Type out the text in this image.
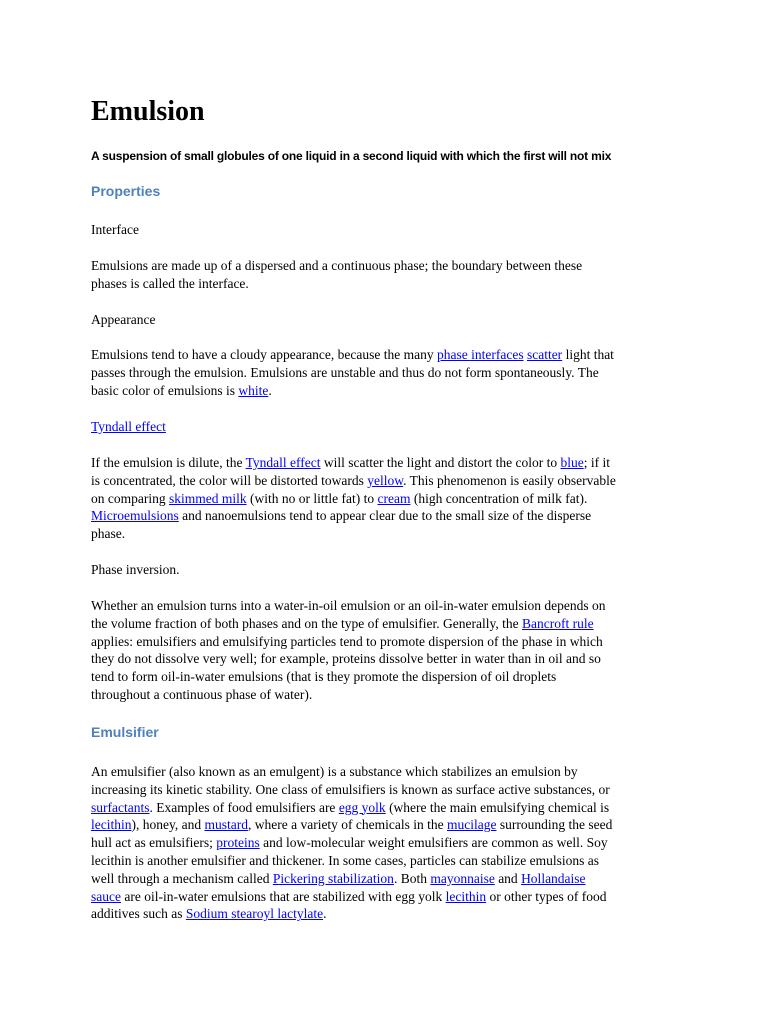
Emulsion

A suspension of small globules of one liquid in a second liquid with which the first will not mix

Properties

Interface

Emulsions are made up of a dispersed and a continuous phase; the boundary between these
phases is called the interface.

Appearance

Emulsions tend to have a cloudy appearance, because the many phase interfaces scatter light that
passes through the emulsion. Emulsions are unstable and thus do not form spontaneously. The
basic color of emulsions is white.

Tyndall effect

If the emulsion is dilute, the Tyndall effect will scatter the light and distort the color to blue; if it
is concentrated, the color will be distorted towards yellow. This phenomenon is easily observable
on comparing skimmed milk (with no or little fat) to cream (high concentration of milk fat).
Microemulsions and nanoemulsions tend to appear clear due to the small size of the disperse
phase.

Phase inversion.

Whether an emulsion turns into a water-in-oil emulsion or an oil-in-water emulsion depends on
the volume fraction of both phases and on the type of emulsifier. Generally, the Bancroft rule
applies: emulsifiers and emulsifying particles tend to promote dispersion of the phase in which
they do not dissolve very well; for example, proteins dissolve better in water than in oil and so
tend to form oil-in-water emulsions (that is they promote the dispersion of oil droplets
throughout a continuous phase of water).

Emulsifier

An emulsifier (also known as an emulgent) is a substance which stabilizes an emulsion by
increasing its kinetic stability. One class of emulsifiers is known as surface active substances, or
surfactants. Examples of food emulsifiers are egg yolk (where the main emulsifying chemical is
lecithin), honey, and mustard, where a variety of chemicals in the mucilage surrounding the seed
hull act as emulsifiers; proteins and low-molecular weight emulsifiers are common as well. Soy
lecithin is another emulsifier and thickener. In some cases, particles can stabilize emulsions as
well through a mechanism called Pickering stabilization. Both mayonnaise and Hollandaise
sauce are oil-in-water emulsions that are stabilized with egg yolk lecithin or other types of food
additives such as Sodium stearoyl lactylate.
